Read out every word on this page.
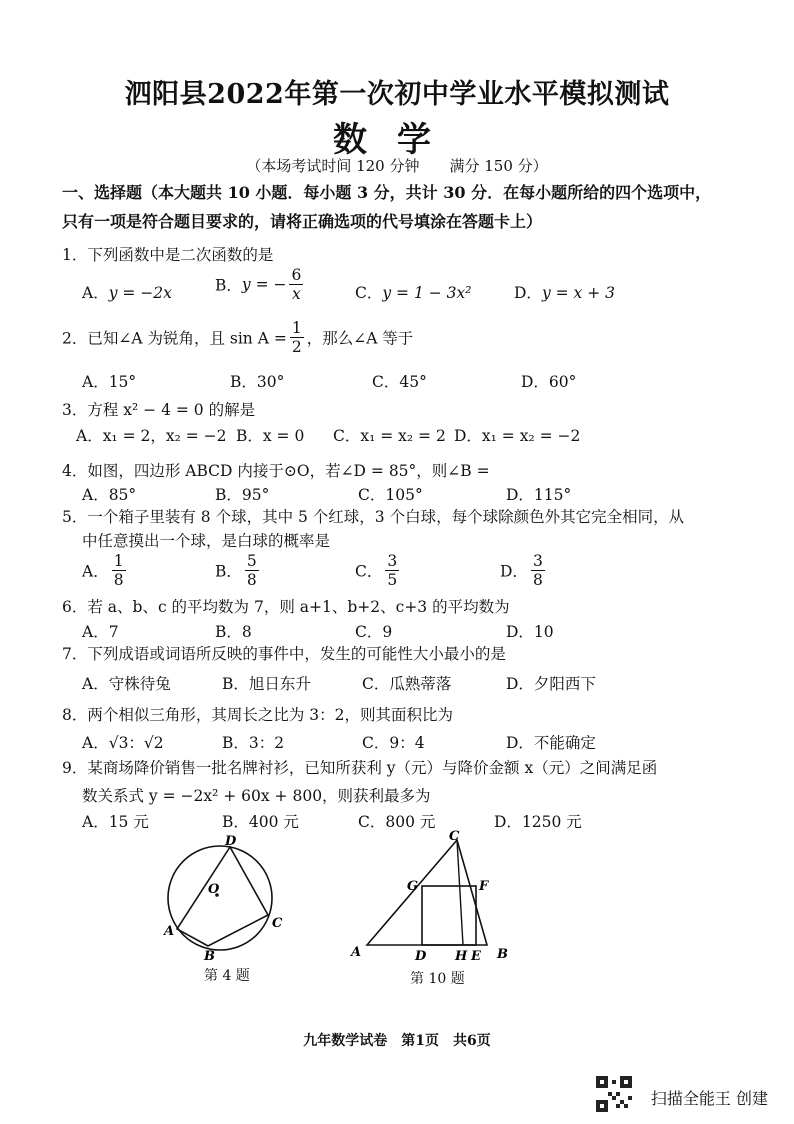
泗阳县2022年第一次初中学业水平模拟测试
数学
（本场考试时间 120 分钟　　满分 150 分）
一、选择题（本大题共 10 小题．每小题 3 分，共计 30 分．在每小题所给的四个选项中，
只有一项是符合题目要求的，请将正确选项的代号填涂在答题卡上）
1．下列函数中是二次函数的是
A．y = −2x	B．y = − $\frac{6}{x}$	C．y = 1 − 3x²	D．y = x + 3
2．已知∠A 为锐角，且 $\sin A = \frac{1}{2}$ ，那么∠A 等于
A．15°	B．30°	C．45°	D．60°
3．方程 x² − 4 = 0 的解是
A．x₁ = 2，x₂ = −2 B．x = 0 C．x₁ = x₂ = 2 D．x₁ = x₂ = −2
4．如图，四边形 ABCD 内接于⊙O，若∠D = 85°，则∠B =
A．85°	B．95°	C．105°	D．115°
5．一个箱子里装有 8 个球，其中 5 个红球，3 个白球，每个球除颜色外其它完全相同，从
中任意摸出一个球，是白球的概率是
A． $\frac{1}{8}$	B． $\frac{5}{8}$	C． $\frac{3}{5}$	D． $\frac{3}{8}$
6．若 a、b、c 的平均数为 7，则 a+1、b+2、c+3 的平均数为
A．7	B．8	C．9	D．10
7．下列成语或词语所反映的事件中，发生的可能性大小最小的是
A．守株待兔	B．旭日东升	C．瓜熟蒂落	D．夕阳西下
8．两个相似三角形，其周长之比为 3：2，则其面积比为
A．√3：√2	B．3：2	C．9：4	D．不能确定
9．某商场降价销售一批名牌衬衫，已知所获利 y（元）与降价金额 x（元）之间满足函
数关系式 y = −2x² + 60x + 800，则获利最多为
A．15 元	B．400 元	C．800 元	D．1250 元
D
O
A
B
C
第 4 题
C
G	F
A	D H E B
第 10 题
九年数学试卷　第1页　共6页
扫描全能王 创建
